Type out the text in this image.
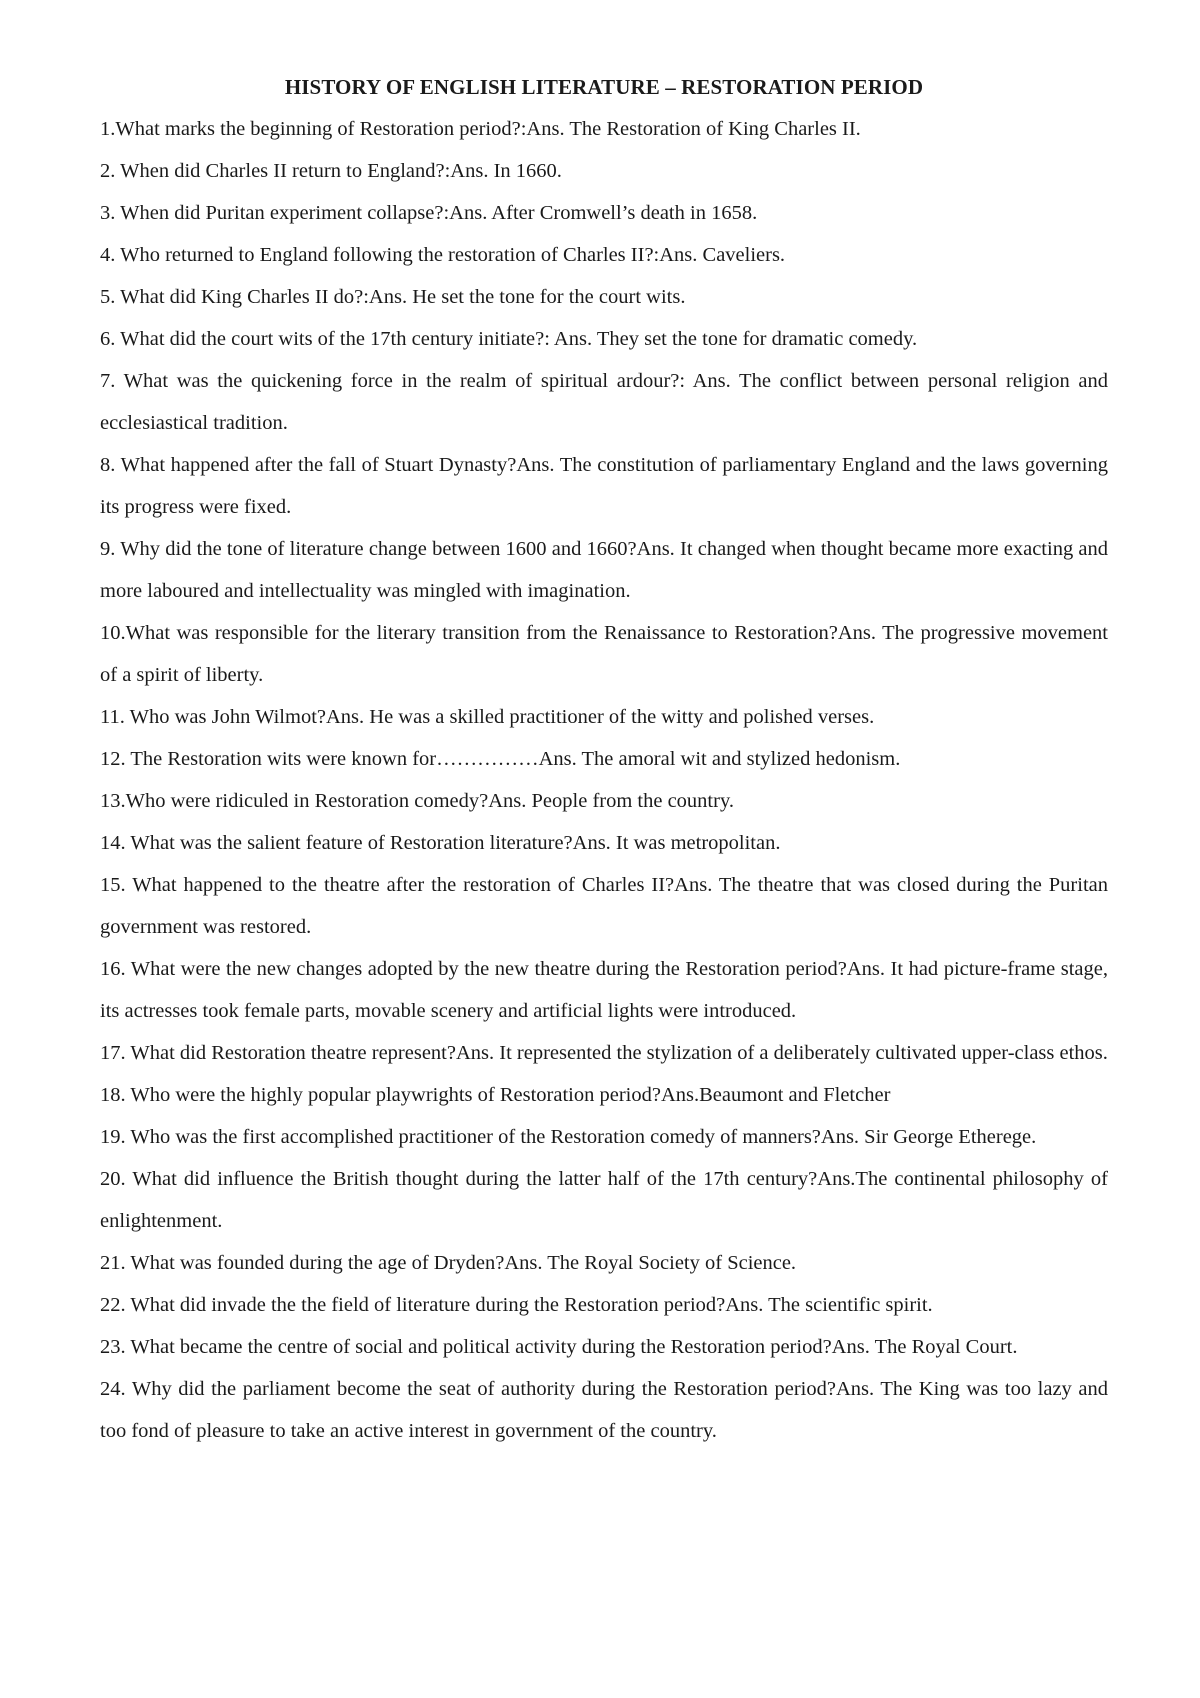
HISTORY OF ENGLISH LITERATURE – RESTORATION PERIOD

1.What marks the beginning of Restoration period?:Ans. The Restoration of King Charles II.

2. When did Charles II return to England?:Ans. In 1660.

3. When did Puritan experiment collapse?:Ans. After Cromwell’s death in 1658.

4. Who returned to England following the restoration of Charles II?:Ans. Caveliers.

5. What did King Charles II do?:Ans. He set the tone for the court wits.

6. What did the court wits of the 17th century initiate?: Ans. They set the tone for dramatic comedy.

7. What was the quickening force in the realm of spiritual ardour?: Ans. The conflict between personal religion and ecclesiastical tradition.

8. What happened after the fall of Stuart Dynasty?Ans. The constitution of parliamentary England and the laws governing its progress were fixed.

9. Why did the tone of literature change between 1600 and 1660?Ans. It changed when thought became more exacting and more laboured and intellectuality was mingled with imagination.

10.What was responsible for the literary transition from the Renaissance to Restoration?Ans. The progressive movement of a spirit of liberty.

11. Who was John Wilmot?Ans. He was a skilled practitioner of the witty and polished verses.

12. The Restoration wits were known for……………Ans. The amoral wit and stylized hedonism.

13.Who were ridiculed in Restoration comedy?Ans. People from the country.

14. What was the salient feature of Restoration literature?Ans. It was metropolitan.

15. What happened to the theatre after the restoration of Charles II?Ans. The theatre that was closed during the Puritan government was restored.

16. What were the new changes adopted by the new theatre during the Restoration period?Ans. It had picture-frame stage, its actresses took female parts, movable scenery and artificial lights were introduced.

17. What did Restoration theatre represent?Ans. It represented the stylization of a deliberately cultivated upper-class ethos.

18. Who were the highly popular playwrights of Restoration period?Ans.Beaumont and Fletcher

19. Who was the first accomplished practitioner of the Restoration comedy of manners?Ans. Sir George Etherege.

20. What did influence the British thought during the latter half of the 17th century?Ans.The continental philosophy of enlightenment.

21. What was founded during the age of Dryden?Ans. The Royal Society of Science.

22. What did invade the the field of literature during the Restoration period?Ans. The scientific spirit.

23. What became the centre of social and political activity during the Restoration period?Ans. The Royal Court.

24. Why did the parliament become the seat of authority during the Restoration period?Ans. The King was too lazy and too fond of pleasure to take an active interest in government of the country.
